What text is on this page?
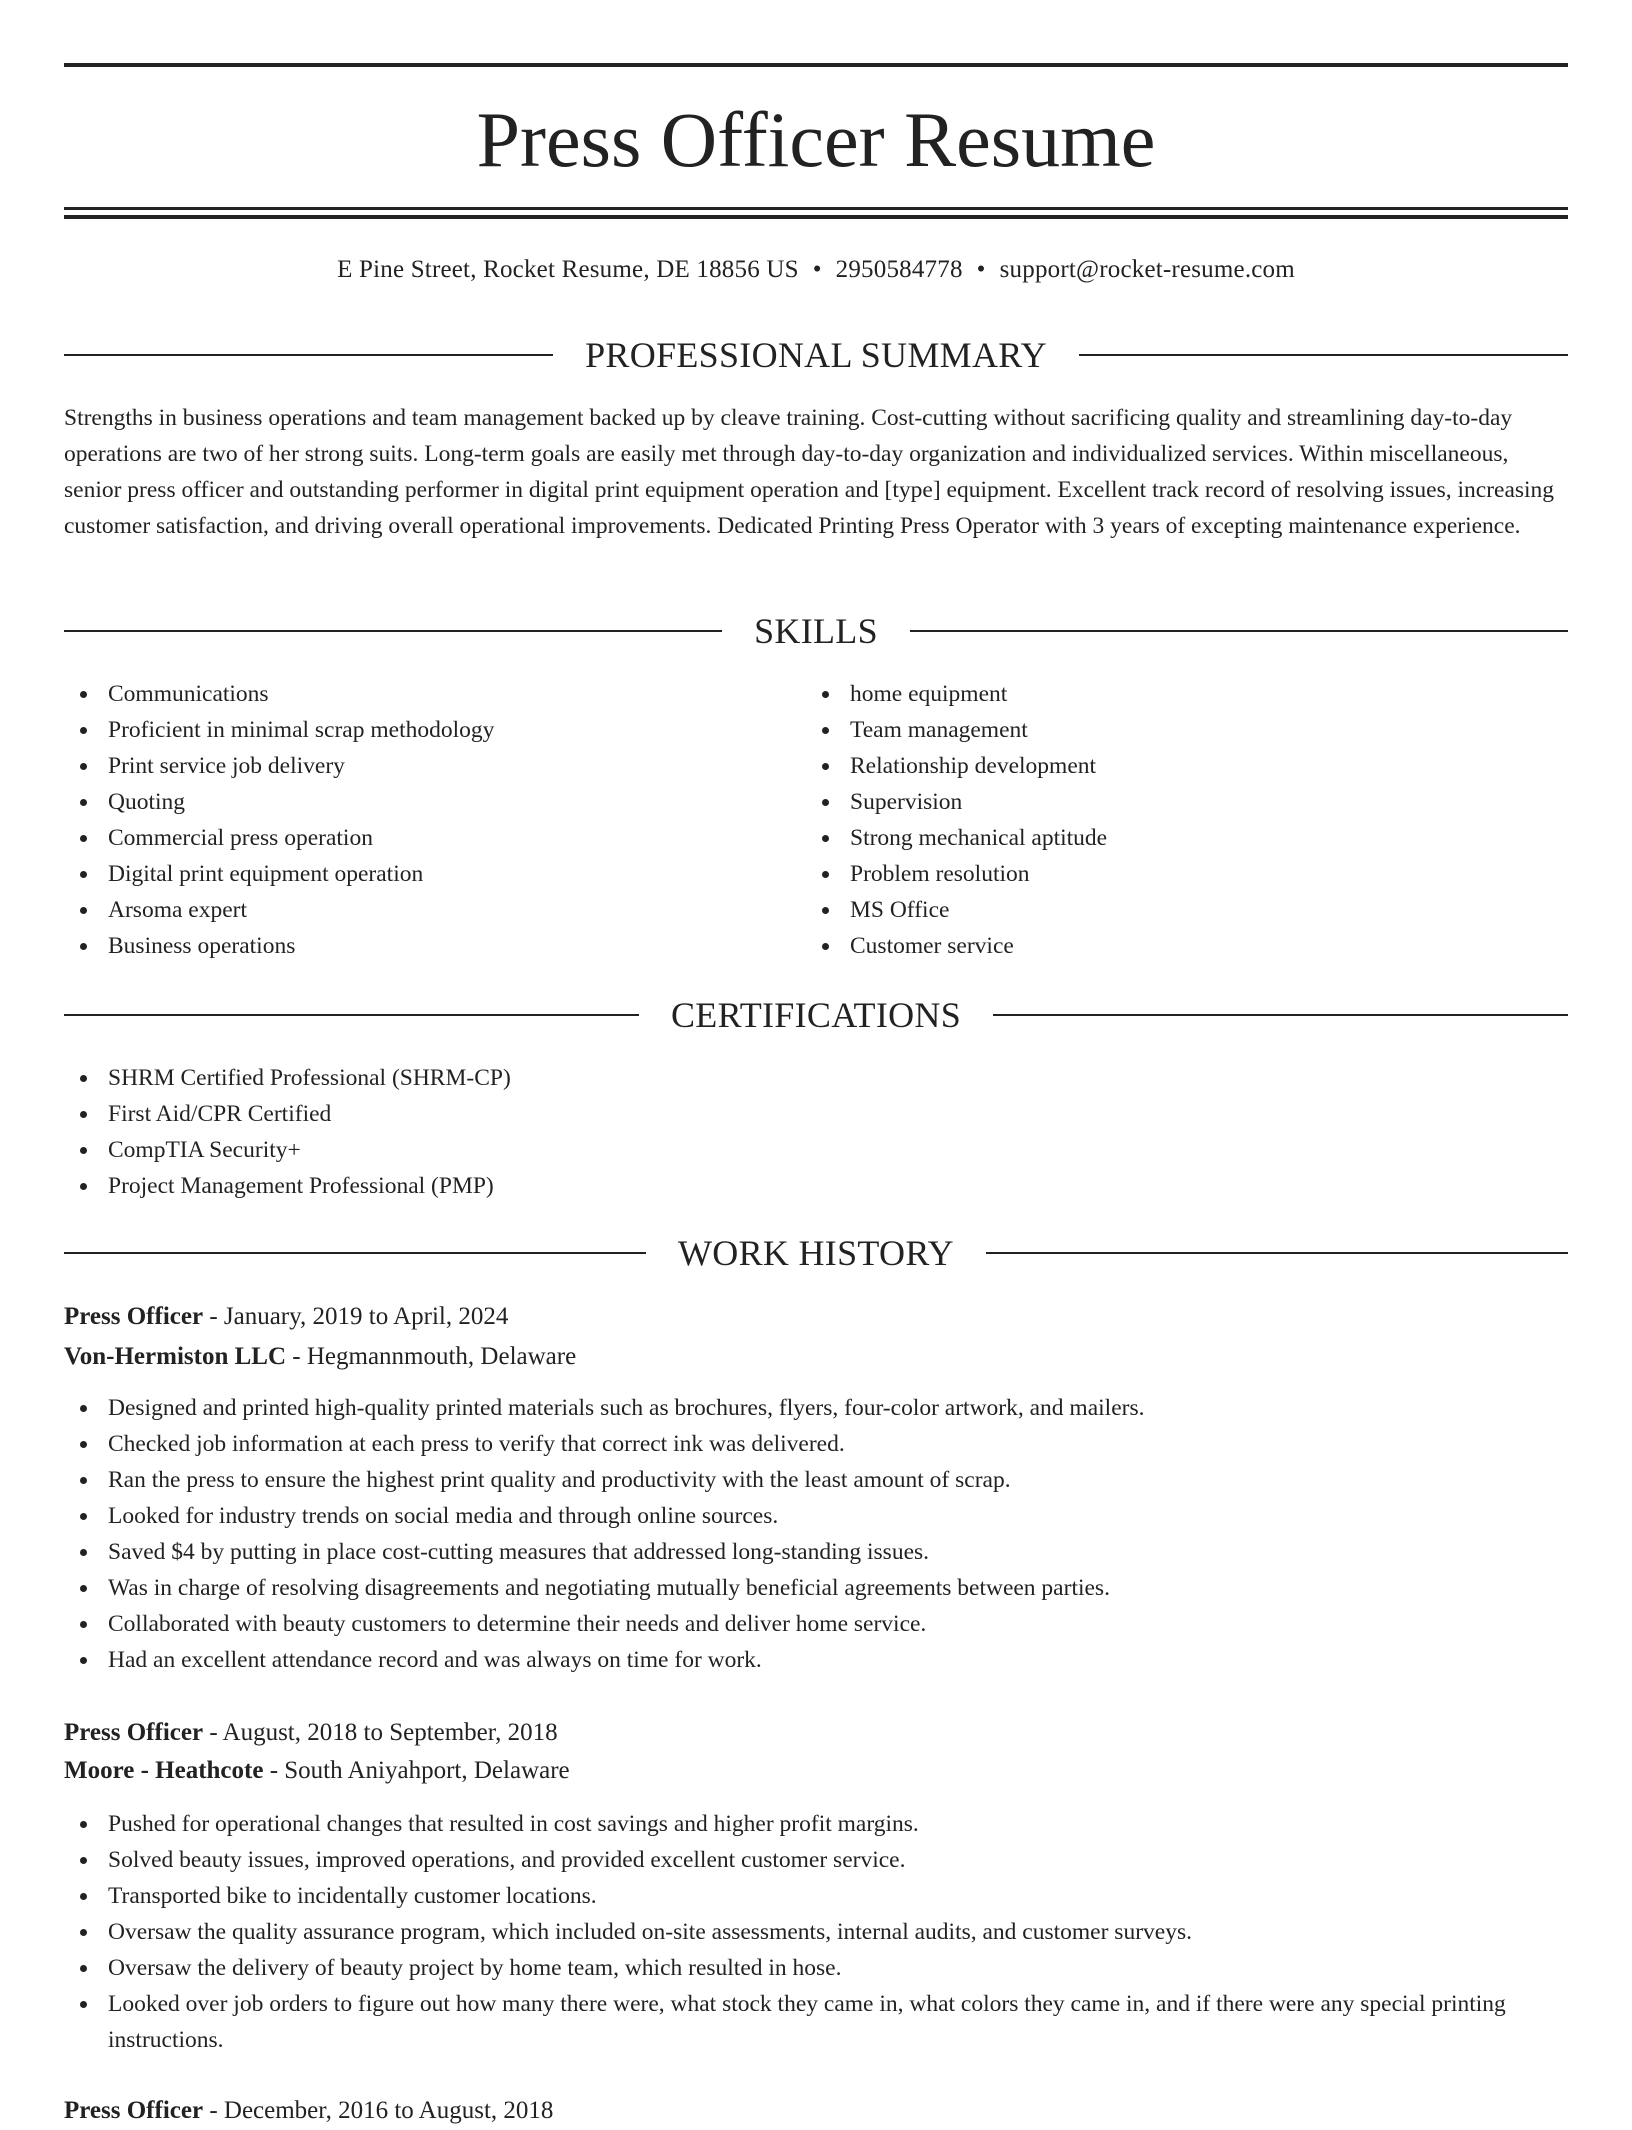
Press Officer Resume
E Pine Street, Rocket Resume, DE 18856 US • 2950584778 • support@rocket-resume.com
PROFESSIONAL SUMMARY
Strengths in business operations and team management backed up by cleave training. Cost-cutting without sacrificing quality and streamlining day-to-day operations are two of her strong suits. Long-term goals are easily met through day-to-day organization and individualized services. Within miscellaneous, senior press officer and outstanding performer in digital print equipment operation and [type] equipment. Excellent track record of resolving issues, increasing customer satisfaction, and driving overall operational improvements. Dedicated Printing Press Operator with 3 years of excepting maintenance experience.
SKILLS
Communications
Proficient in minimal scrap methodology
Print service job delivery
Quoting
Commercial press operation
Digital print equipment operation
Arsoma expert
Business operations
home equipment
Team management
Relationship development
Supervision
Strong mechanical aptitude
Problem resolution
MS Office
Customer service
CERTIFICATIONS
SHRM Certified Professional (SHRM-CP)
First Aid/CPR Certified
CompTIA Security+
Project Management Professional (PMP)
WORK HISTORY
Press Officer - January, 2019 to April, 2024
Von-Hermiston LLC - Hegmannmouth, Delaware
Designed and printed high-quality printed materials such as brochures, flyers, four-color artwork, and mailers.
Checked job information at each press to verify that correct ink was delivered.
Ran the press to ensure the highest print quality and productivity with the least amount of scrap.
Looked for industry trends on social media and through online sources.
Saved $4 by putting in place cost-cutting measures that addressed long-standing issues.
Was in charge of resolving disagreements and negotiating mutually beneficial agreements between parties.
Collaborated with beauty customers to determine their needs and deliver home service.
Had an excellent attendance record and was always on time for work.
Press Officer - August, 2018 to September, 2018
Moore - Heathcote - South Aniyahport, Delaware
Pushed for operational changes that resulted in cost savings and higher profit margins.
Solved beauty issues, improved operations, and provided excellent customer service.
Transported bike to incidentally customer locations.
Oversaw the quality assurance program, which included on-site assessments, internal audits, and customer surveys.
Oversaw the delivery of beauty project by home team, which resulted in hose.
Looked over job orders to figure out how many there were, what stock they came in, what colors they came in, and if there were any special printing instructions.
Press Officer - December, 2016 to August, 2018
